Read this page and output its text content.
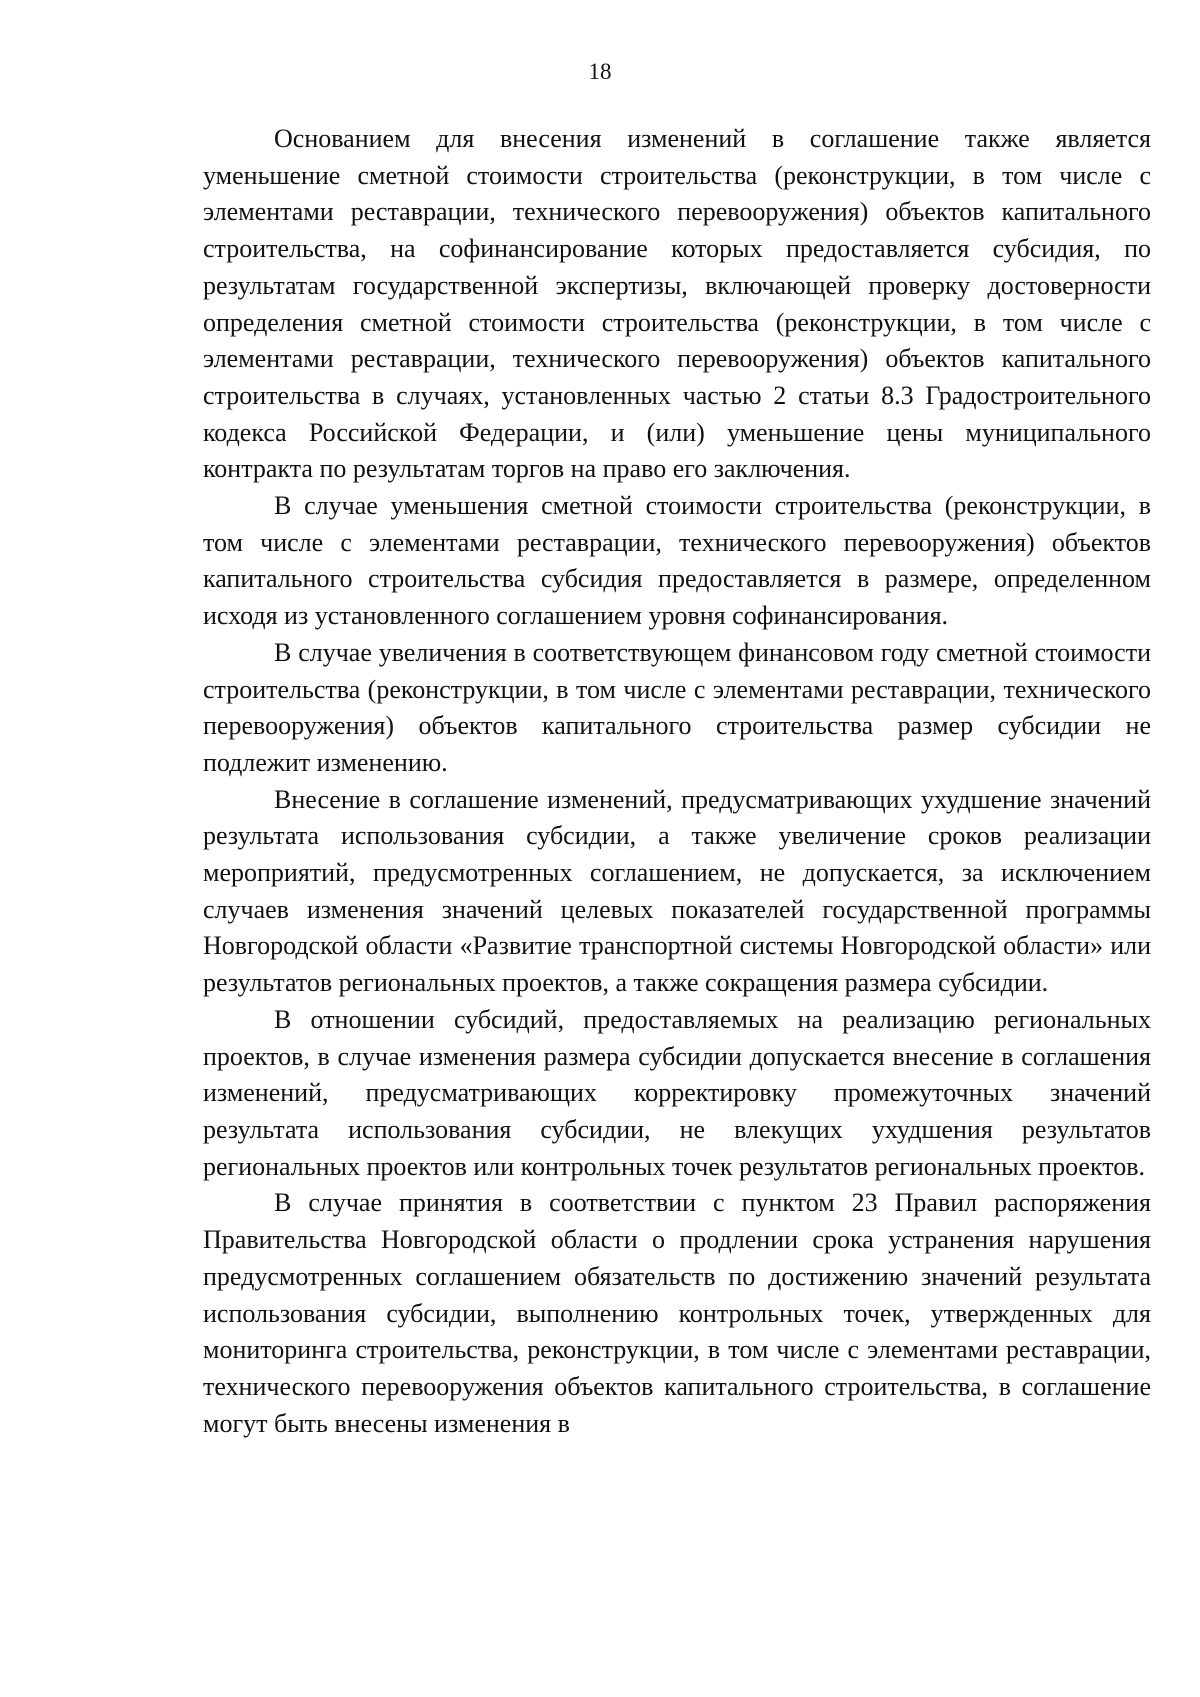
18

Основанием для внесения изменений в соглашение также является уменьшение сметной стоимости строительства (реконструкции, в том числе с элементами реставрации, технического перевооружения) объектов капитального строительства, на софинансирование которых предоставляется субсидия, по результатам государственной экспертизы, включающей проверку достоверности определения сметной стоимости строительства (реконструкции, в том числе с элементами реставрации, технического перевооружения) объектов капитального строительства в случаях, установленных частью 2 статьи 8.3 Градостроительного кодекса Российской Федерации, и (или) уменьшение цены муниципального контракта по результатам торгов на право его заключения.

В случае уменьшения сметной стоимости строительства (реконструкции, в том числе с элементами реставрации, технического перевооружения) объектов капитального строительства субсидия предоставляется в размере, определенном исходя из установленного соглашением уровня софинансирования.

В случае увеличения в соответствующем финансовом году сметной стоимости строительства (реконструкции, в том числе с элементами реставрации, технического перевооружения) объектов капитального строительства размер субсидии не подлежит изменению.

Внесение в соглашение изменений, предусматривающих ухудшение значений результата использования субсидии, а также увеличение сроков реализации мероприятий, предусмотренных соглашением, не допускается, за исключением случаев изменения значений целевых показателей государственной программы Новгородской области «Развитие транспортной системы Новгородской области» или результатов региональных проектов, а также сокращения размера субсидии.

В отношении субсидий, предоставляемых на реализацию региональных проектов, в случае изменения размера субсидии допускается внесение в соглашения изменений, предусматривающих корректировку промежуточных значений результата использования субсидии, не влекущих ухудшения результатов региональных проектов или контрольных точек результатов региональных проектов.

В случае принятия в соответствии с пунктом 23 Правил распоряжения Правительства Новгородской области о продлении срока устранения нарушения предусмотренных соглашением обязательств по достижению значений результата использования субсидии, выполнению контрольных точек, утвержденных для мониторинга строительства, реконструкции, в том числе с элементами реставрации, технического перевооружения объектов капитального строительства, в соглашение могут быть внесены изменения в
